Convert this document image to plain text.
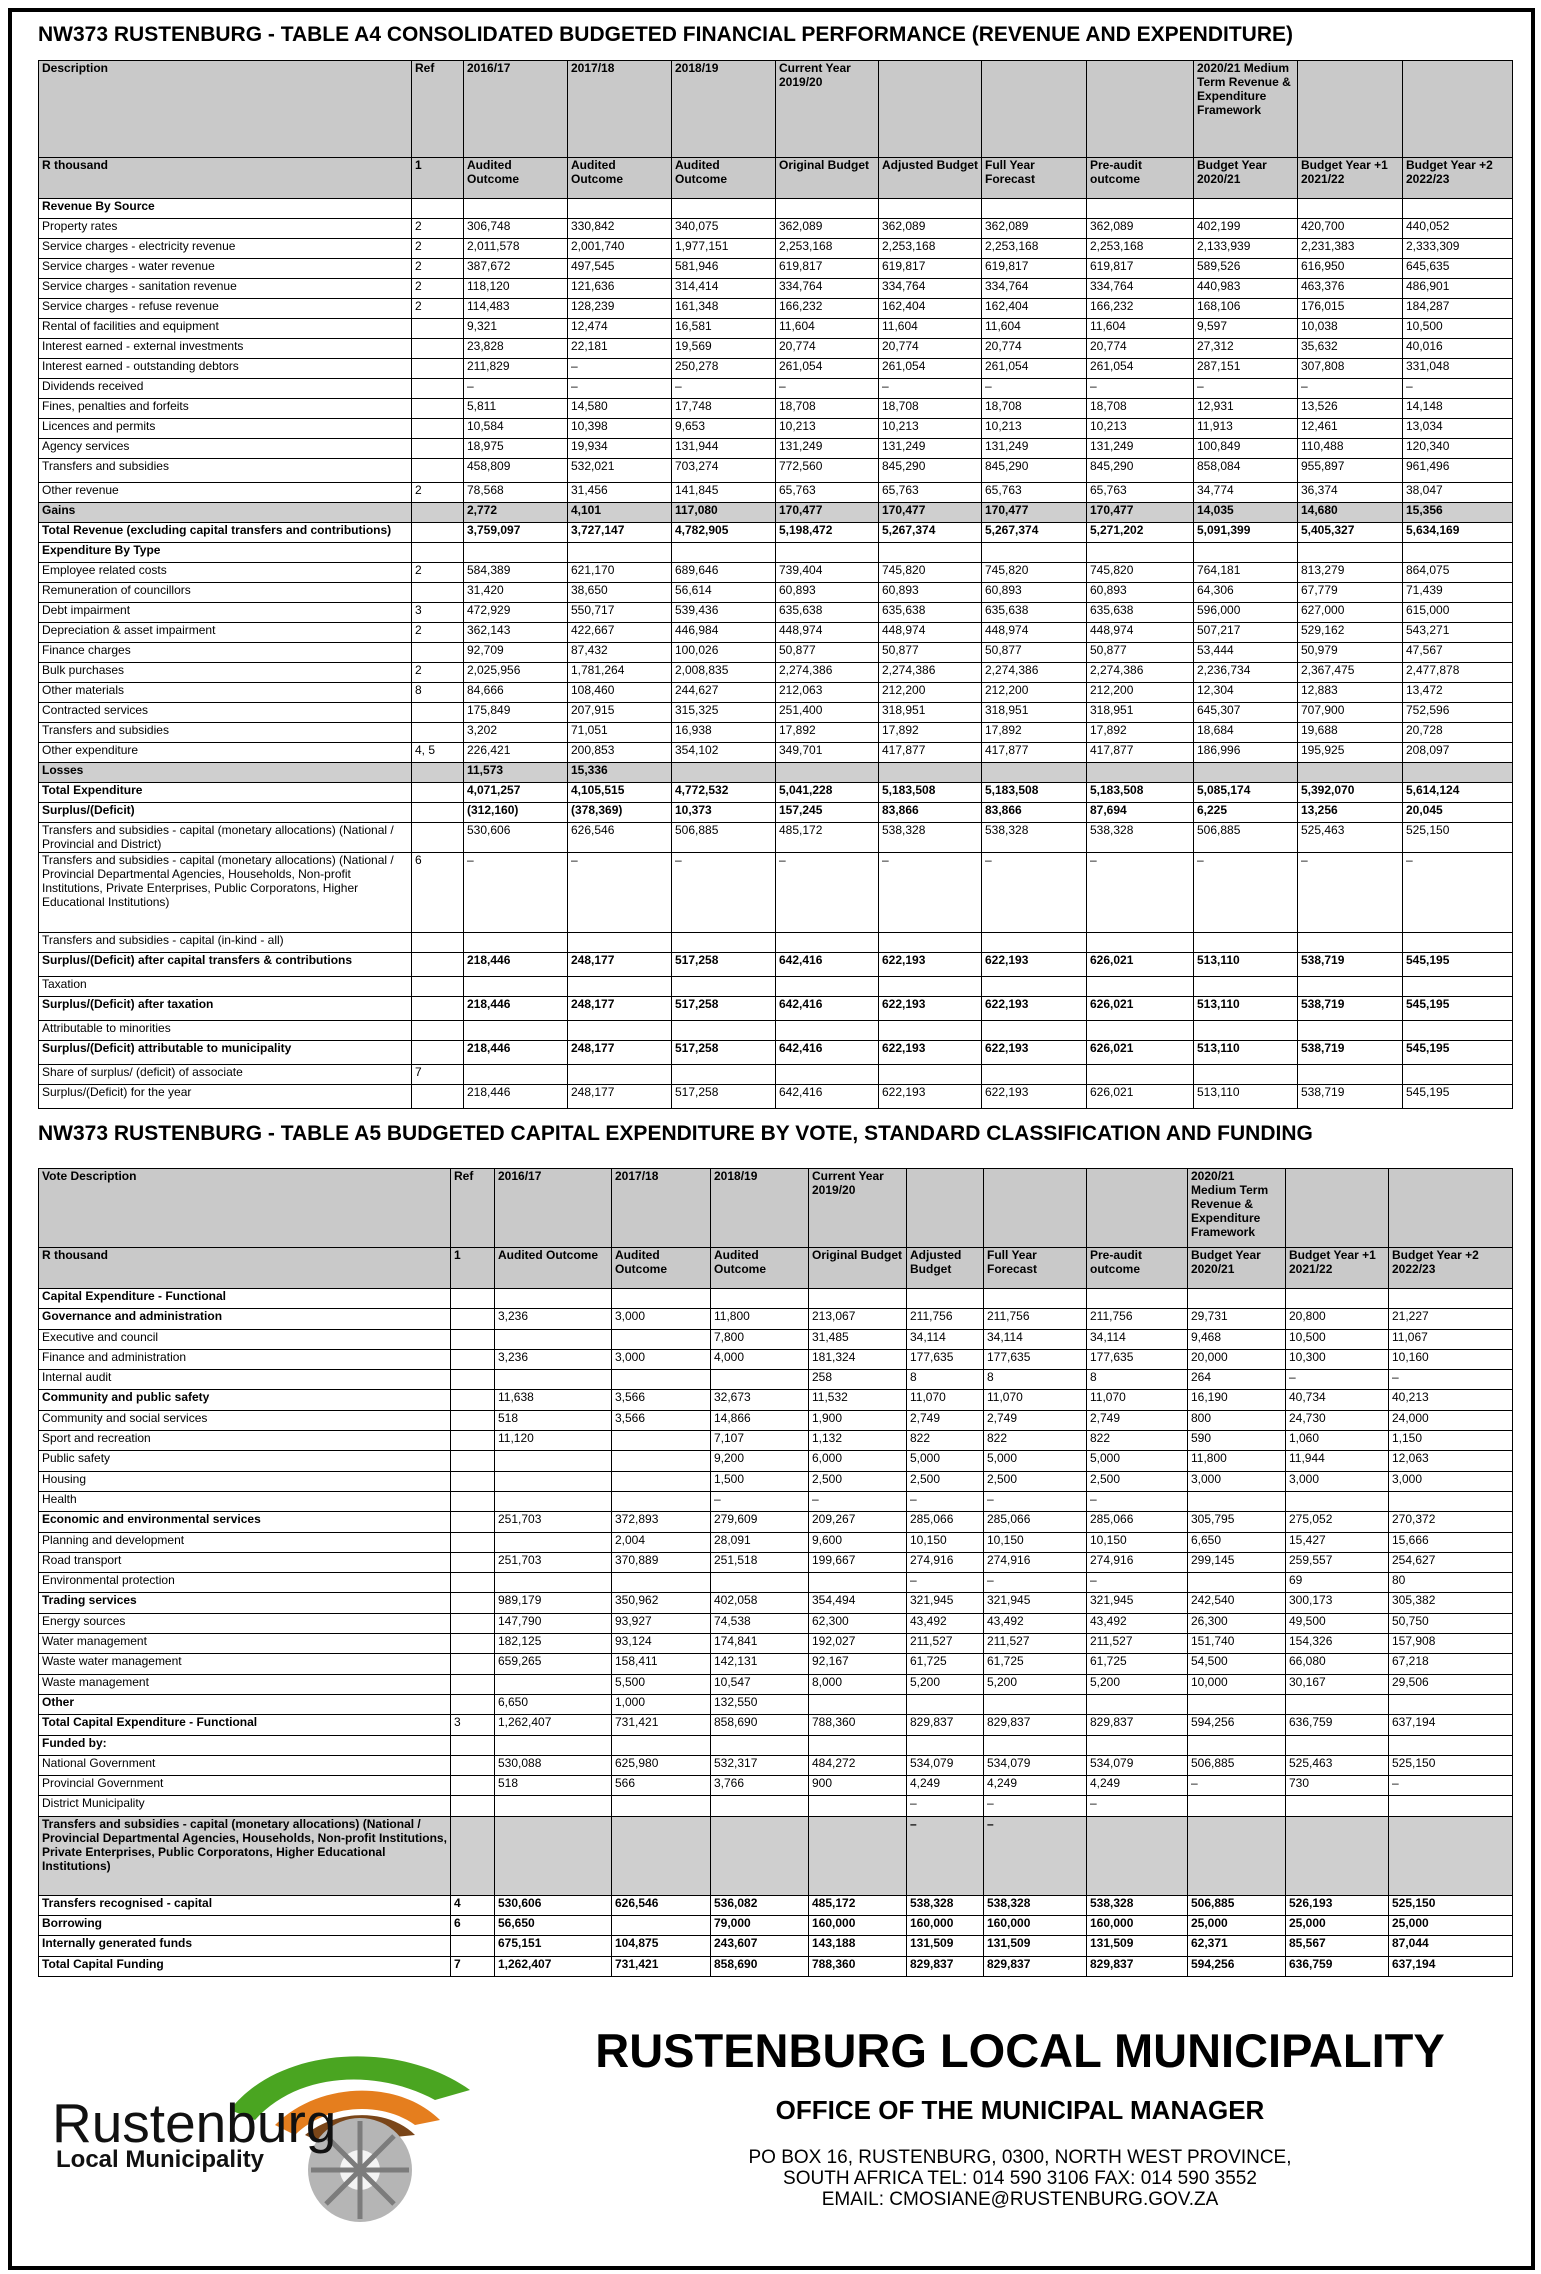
NW373 RUSTENBURG - TABLE A4 CONSOLIDATED BUDGETED FINANCIAL PERFORMANCE (REVENUE AND EXPENDITURE)
Description	Ref	2016/17	2017/18	2018/19	Current Year 2019/20				2020/21 Medium Term Revenue & Expenditure Framework		
R thousand	1	Audited Outcome	Audited Outcome	Audited Outcome	Original Budget	Adjusted Budget	Full Year Forecast	Pre-audit outcome	Budget Year 2020/21	Budget Year +1 2021/22	Budget Year +2 2022/23
Revenue By Source											
Property rates	2	306,748	330,842	340,075	362,089	362,089	362,089	362,089	402,199	420,700	440,052
Service charges - electricity revenue	2	2,011,578	2,001,740	1,977,151	2,253,168	2,253,168	2,253,168	2,253,168	2,133,939	2,231,383	2,333,309
Service charges - water revenue	2	387,672	497,545	581,946	619,817	619,817	619,817	619,817	589,526	616,950	645,635
Service charges - sanitation revenue	2	118,120	121,636	314,414	334,764	334,764	334,764	334,764	440,983	463,376	486,901
Service charges - refuse revenue	2	114,483	128,239	161,348	166,232	162,404	162,404	166,232	168,106	176,015	184,287
Rental of facilities and equipment		9,321	12,474	16,581	11,604	11,604	11,604	11,604	9,597	10,038	10,500
Interest earned - external investments		23,828	22,181	19,569	20,774	20,774	20,774	20,774	27,312	35,632	40,016
Interest earned - outstanding debtors		211,829	–	250,278	261,054	261,054	261,054	261,054	287,151	307,808	331,048
Dividends received		–	–	–	–	–	–	–	–	–	–
Fines, penalties and forfeits		5,811	14,580	17,748	18,708	18,708	18,708	18,708	12,931	13,526	14,148
Licences and permits		10,584	10,398	9,653	10,213	10,213	10,213	10,213	11,913	12,461	13,034
Agency services		18,975	19,934	131,944	131,249	131,249	131,249	131,249	100,849	110,488	120,340
Transfers and subsidies		458,809	532,021	703,274	772,560	845,290	845,290	845,290	858,084	955,897	961,496
Other revenue	2	78,568	31,456	141,845	65,763	65,763	65,763	65,763	34,774	36,374	38,047
Gains		2,772	4,101	117,080	170,477	170,477	170,477	170,477	14,035	14,680	15,356
Total Revenue (excluding capital transfers and contributions)		3,759,097	3,727,147	4,782,905	5,198,472	5,267,374	5,267,374	5,271,202	5,091,399	5,405,327	5,634,169
Expenditure By Type											
Employee related costs	2	584,389	621,170	689,646	739,404	745,820	745,820	745,820	764,181	813,279	864,075
Remuneration of councillors		31,420	38,650	56,614	60,893	60,893	60,893	60,893	64,306	67,779	71,439
Debt impairment	3	472,929	550,717	539,436	635,638	635,638	635,638	635,638	596,000	627,000	615,000
Depreciation & asset impairment	2	362,143	422,667	446,984	448,974	448,974	448,974	448,974	507,217	529,162	543,271
Finance charges		92,709	87,432	100,026	50,877	50,877	50,877	50,877	53,444	50,979	47,567
Bulk purchases	2	2,025,956	1,781,264	2,008,835	2,274,386	2,274,386	2,274,386	2,274,386	2,236,734	2,367,475	2,477,878
Other materials	8	84,666	108,460	244,627	212,063	212,200	212,200	212,200	12,304	12,883	13,472
Contracted services		175,849	207,915	315,325	251,400	318,951	318,951	318,951	645,307	707,900	752,596
Transfers and subsidies		3,202	71,051	16,938	17,892	17,892	17,892	17,892	18,684	19,688	20,728
Other expenditure	4, 5	226,421	200,853	354,102	349,701	417,877	417,877	417,877	186,996	195,925	208,097
Losses		11,573	15,336								
Total Expenditure		4,071,257	4,105,515	4,772,532	5,041,228	5,183,508	5,183,508	5,183,508	5,085,174	5,392,070	5,614,124
Surplus/(Deficit)		(312,160)	(378,369)	10,373	157,245	83,866	83,866	87,694	6,225	13,256	20,045
Transfers and subsidies - capital (monetary allocations) (National / Provincial and District)		530,606	626,546	506,885	485,172	538,328	538,328	538,328	506,885	525,463	525,150
Transfers and subsidies - capital (monetary allocations) (National / Provincial Departmental Agencies, Households, Non-profit Institutions, Private Enterprises, Public Corporatons, Higher Educational Institutions)	6	–	–	–	–	–	–	–	–	–	–
Transfers and subsidies - capital (in-kind - all)											
Surplus/(Deficit) after capital transfers & contributions		218,446	248,177	517,258	642,416	622,193	622,193	626,021	513,110	538,719	545,195
Taxation											
Surplus/(Deficit) after taxation		218,446	248,177	517,258	642,416	622,193	622,193	626,021	513,110	538,719	545,195
Attributable to minorities											
Surplus/(Deficit) attributable to municipality		218,446	248,177	517,258	642,416	622,193	622,193	626,021	513,110	538,719	545,195
Share of surplus/ (deficit) of associate	7										
Surplus/(Deficit) for the year		218,446	248,177	517,258	642,416	622,193	622,193	626,021	513,110	538,719	545,195
NW373 RUSTENBURG - TABLE A5 BUDGETED CAPITAL EXPENDITURE BY VOTE, STANDARD CLASSIFICATION AND FUNDING
Vote Description	Ref	2016/17	2017/18	2018/19	Current Year 2019/20				2020/21 Medium Term Revenue & Expenditure Framework		
R thousand	1	Audited Outcome	Audited Outcome	Audited Outcome	Original Budget	Adjusted Budget	Full Year Forecast	Pre-audit outcome	Budget Year 2020/21	Budget Year +1 2021/22	Budget Year +2 2022/23
Capital Expenditure - Functional											
Governance and administration		3,236	3,000	11,800	213,067	211,756	211,756	211,756	29,731	20,800	21,227
Executive and council				7,800	31,485	34,114	34,114	34,114	9,468	10,500	11,067
Finance and administration		3,236	3,000	4,000	181,324	177,635	177,635	177,635	20,000	10,300	10,160
Internal audit					258	8	8	8	264	–	–
Community and public safety		11,638	3,566	32,673	11,532	11,070	11,070	11,070	16,190	40,734	40,213
Community and social services		518	3,566	14,866	1,900	2,749	2,749	2,749	800	24,730	24,000
Sport and recreation		11,120		7,107	1,132	822	822	822	590	1,060	1,150
Public safety				9,200	6,000	5,000	5,000	5,000	11,800	11,944	12,063
Housing				1,500	2,500	2,500	2,500	2,500	3,000	3,000	3,000
Health				–	–	–	–	–			
Economic and environmental services		251,703	372,893	279,609	209,267	285,066	285,066	285,066	305,795	275,052	270,372
Planning and development			2,004	28,091	9,600	10,150	10,150	10,150	6,650	15,427	15,666
Road transport		251,703	370,889	251,518	199,667	274,916	274,916	274,916	299,145	259,557	254,627
Environmental protection						–	–	–		69	80
Trading services		989,179	350,962	402,058	354,494	321,945	321,945	321,945	242,540	300,173	305,382
Energy sources		147,790	93,927	74,538	62,300	43,492	43,492	43,492	26,300	49,500	50,750
Water management		182,125	93,124	174,841	192,027	211,527	211,527	211,527	151,740	154,326	157,908
Waste water management		659,265	158,411	142,131	92,167	61,725	61,725	61,725	54,500	66,080	67,218
Waste management			5,500	10,547	8,000	5,200	5,200	5,200	10,000	30,167	29,506
Other		6,650	1,000	132,550							
Total Capital Expenditure - Functional	3	1,262,407	731,421	858,690	788,360	829,837	829,837	829,837	594,256	636,759	637,194
Funded by:											
National Government		530,088	625,980	532,317	484,272	534,079	534,079	534,079	506,885	525,463	525,150
Provincial Government		518	566	3,766	900	4,249	4,249	4,249	–	730	–
District Municipality						–	–	–			
Transfers and subsidies - capital (monetary allocations) (National / Provincial Departmental Agencies, Households, Non-profit Institutions, Private Enterprises, Public Corporatons, Higher Educational Institutions)						–	–				
Transfers recognised - capital	4	530,606	626,546	536,082	485,172	538,328	538,328	538,328	506,885	526,193	525,150
Borrowing	6	56,650		79,000	160,000	160,000	160,000	160,000	25,000	25,000	25,000
Internally generated funds		675,151	104,875	243,607	143,188	131,509	131,509	131,509	62,371	85,567	87,044
Total Capital Funding	7	1,262,407	731,421	858,690	788,360	829,837	829,837	829,837	594,256	636,759	637,194
Rustenburg
Local Municipality
RUSTENBURG LOCAL MUNICIPALITY
OFFICE OF THE MUNICIPAL MANAGER
PO BOX 16, RUSTENBURG, 0300, NORTH WEST PROVINCE,
SOUTH AFRICA TEL: 014 590 3106 FAX: 014 590 3552
EMAIL: CMOSIANE@RUSTENBURG.GOV.ZA
